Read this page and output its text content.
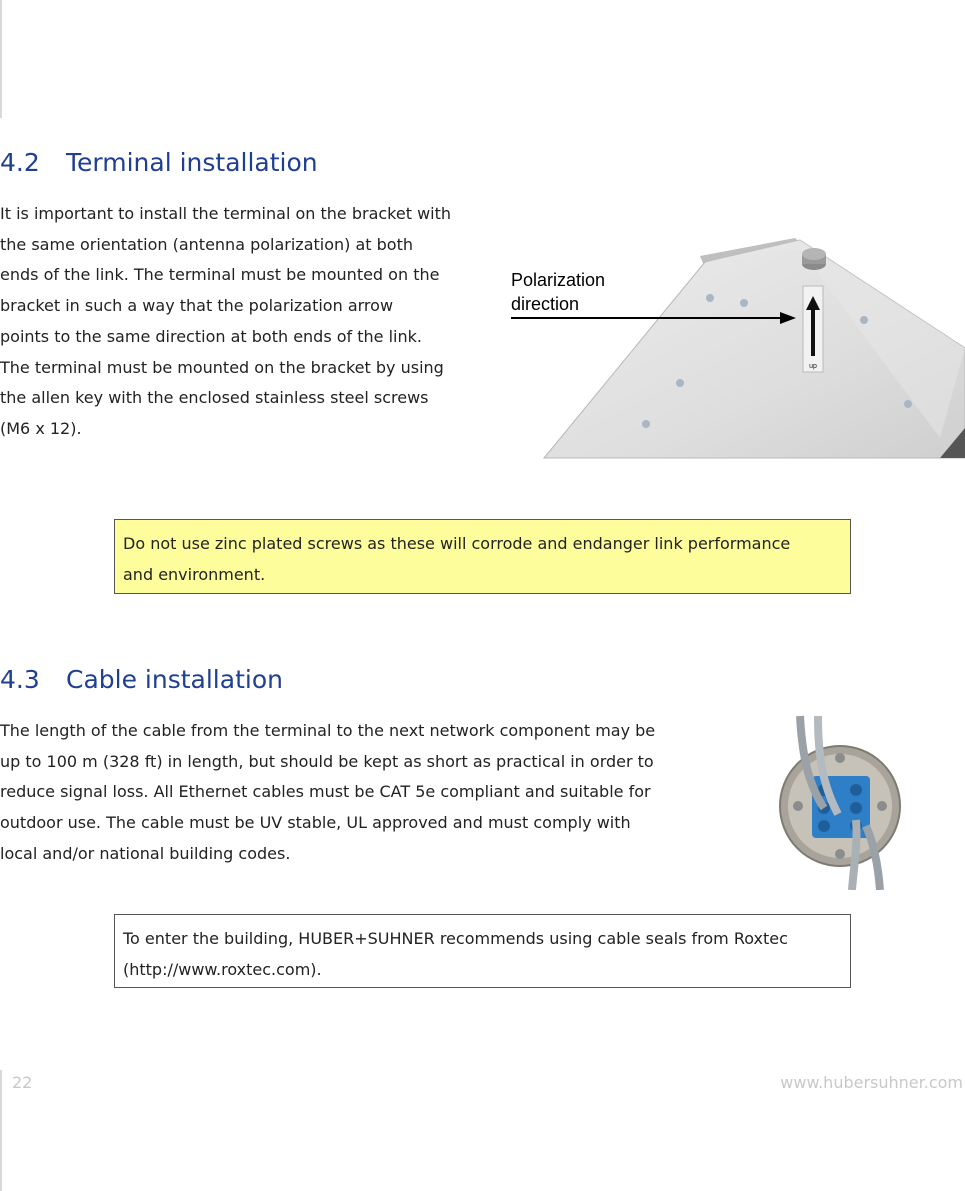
4.2 Terminal installation
It is important to install the terminal on the bracket with
the same orientation (antenna polarization) at both
ends of the link. The terminal must be mounted on the
bracket in such a way that the polarization arrow
points to the same direction at both ends of the link.
The terminal must be mounted on the bracket by using
the allen key with the enclosed stainless steel screws
(M6 x 12).
up
Polarization
direction
Do not use zinc plated screws as these will corrode and endanger link performance
and environment.
4.3 Cable installation
The length of the cable from the terminal to the next network component may be
up to 100 m (328 ft) in length, but should be kept as short as practical in order to
reduce signal loss. All Ethernet cables must be CAT 5e compliant and suitable for
outdoor use. The cable must be UV stable, UL approved and must comply with
local and/or national building codes.
To enter the building, HUBER+SUHNER recommends using cable seals from Roxtec
(http://www.roxtec.com).
22	www.hubersuhner.com
